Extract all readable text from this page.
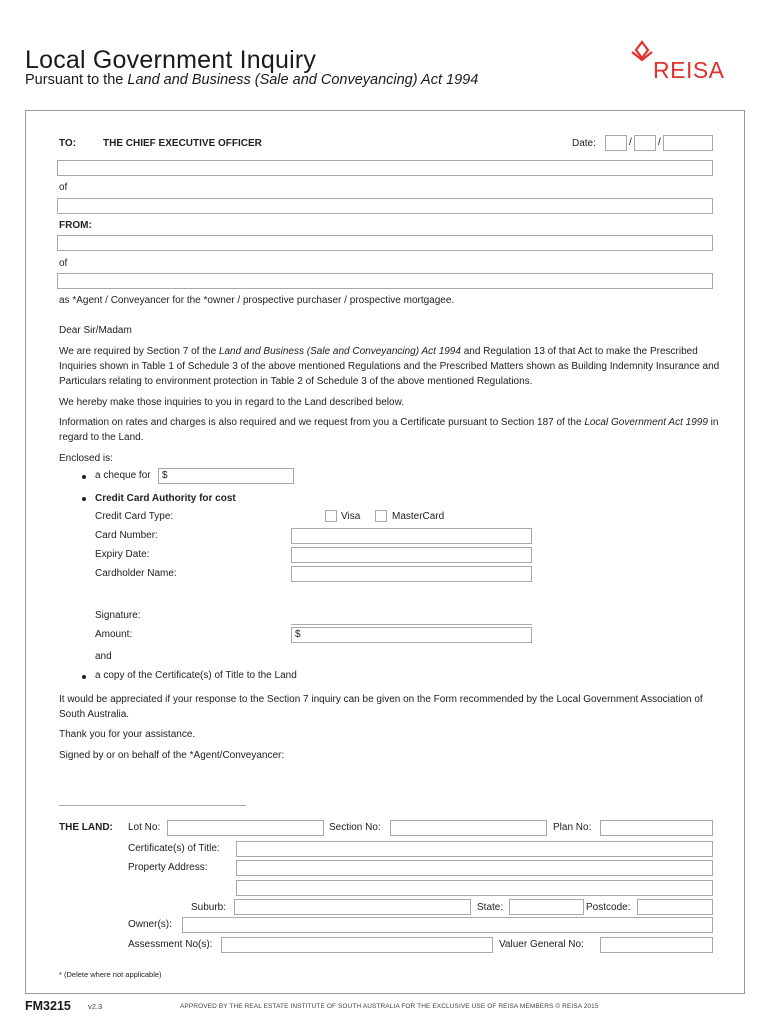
Local Government Inquiry
Pursuant to the Land and Business (Sale and Conveyancing) Act 1994	REISA
TO:	THE CHIEF EXECUTIVE OFFICER	Date:	/	/
of
FROM:
of
as *Agent / Conveyancer for the *owner / prospective purchaser / prospective mortgagee.
Dear Sir/Madam
We are required by Section 7 of the Land and Business (Sale and Conveyancing) Act 1994 and Regulation 13 of that Act to make the Prescribed Inquiries shown in Table 1 of Schedule 3 of the above mentioned Regulations and the Prescribed Matters shown as Building Indemnity Insurance and Particulars relating to environment protection in Table 2 of Schedule 3 of the above mentioned Regulations.
We hereby make those inquiries to you in regard to the Land described below.
Information on rates and charges is also required and we request from you a Certificate pursuant to Section 187 of the Local Government Act 1999 in regard to the Land.
Enclosed is:
a cheque for $
Credit Card Authority for cost
Credit Card Type:	Visa	MasterCard
Card Number:
Expiry Date:
Cardholder Name:
Signature:
Amount:	$
and
a copy of the Certificate(s) of Title to the Land
It would be appreciated if your response to the Section 7 inquiry can be given on the Form recommended by the Local Government Association of South Australia.
Thank you for your assistance.
Signed by or on behalf of the *Agent/Conveyancer:
THE LAND: Lot No:	Section No:	Plan No:
Certificate(s) of Title:
Property Address:
Suburb:	State:	Postcode:
Owner(s):
Assessment No(s):	Valuer General No:
* (Delete where not applicable)
FM3215 v2.3	APPROVED BY THE REAL ESTATE INSTITUTE OF SOUTH AUSTRALIA FOR THE EXCLUSIVE USE OF REISA MEMBERS © REISA 2015
